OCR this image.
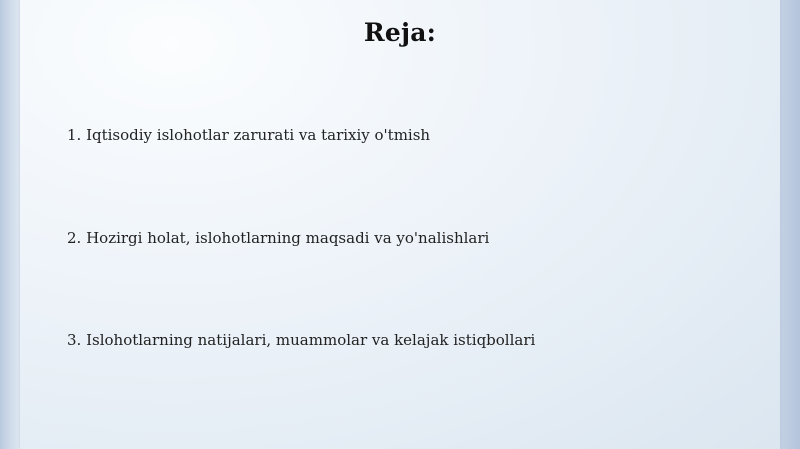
Reja:
1. Iqtisodiy islohotlar zarurati va tarixiy o'tmish
2. Hozirgi holat, islohotlarning maqsadi va yo'nalishlari
3. Islohotlarning natijalari, muammolar va kelajak istiqbollari
